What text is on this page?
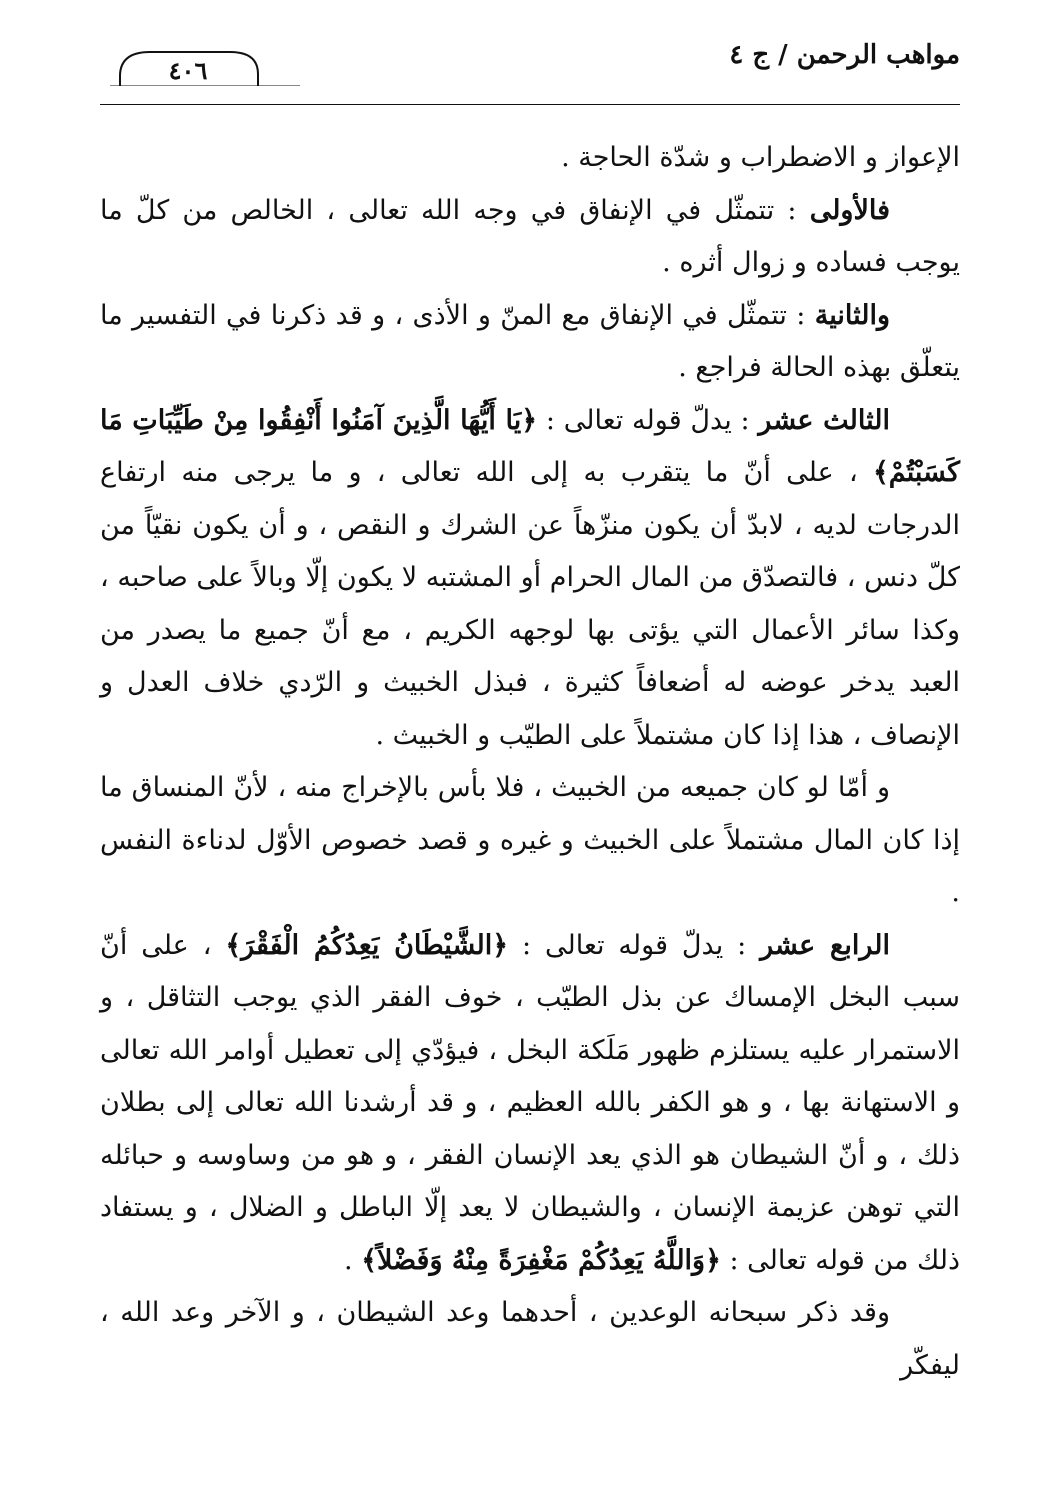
مواهب الرحمن / ج ٤
٤٠٦

الإعواز و الاضطراب و شدّة الحاجة .

فالأولى : تتمثّل في الإنفاق في وجه الله تعالى ، الخالص من كلّ ما يوجب فساده و زوال أثره .

والثانية : تتمثّل في الإنفاق مع المنّ و الأذى ، و قد ذكرنا في التفسير ما يتعلّق بهذه الحالة فراجع .

الثالث عشر : يدلّ قوله تعالى : ﴿يَا أَيُّهَا الَّذِينَ آمَنُوا أَنْفِقُوا مِنْ طَيِّبَاتِ مَا كَسَبْتُمْ﴾ ، على أنّ ما يتقرب به إلى الله تعالى ، و ما يرجى منه ارتفاع الدرجات لديه ، لابدّ أن يكون منزّهاً عن الشرك و النقص ، و أن يكون نقيّاً من كلّ دنس ، فالتصدّق من المال الحرام أو المشتبه لا يكون إلّا وبالاً على صاحبه ، وكذا سائر الأعمال التي يؤتى بها لوجهه الكريم ، مع أنّ جميع ما يصدر من العبد يدخر عوضه له أضعافاً كثيرة ، فبذل الخبيث و الرّدي خلاف العدل و الإنصاف ، هذا إذا كان مشتملاً على الطيّب و الخبيث .

و أمّا لو كان جميعه من الخبيث ، فلا بأس بالإخراج منه ، لأنّ المنساق ما إذا كان المال مشتملاً على الخبيث و غيره و قصد خصوص الأوّل لدناءة النفس .

الرابع عشر : يدلّ قوله تعالى : ﴿الشَّيْطَانُ يَعِدُكُمُ الْفَقْرَ﴾ ، على أنّ سبب البخل الإمساك عن بذل الطيّب ، خوف الفقر الذي يوجب التثاقل ، و الاستمرار عليه يستلزم ظهور مَلَكة البخل ، فيؤدّي إلى تعطيل أوامر الله تعالى و الاستهانة بها ، و هو الكفر بالله العظيم ، و قد أرشدنا الله تعالى إلى بطلان ذلك ، و أنّ الشيطان هو الذي يعد الإنسان الفقر ، و هو من وساوسه و حبائله التي توهن عزيمة الإنسان ، والشيطان لا يعد إلّا الباطل و الضلال ، و يستفاد ذلك من قوله تعالى : ﴿وَاللَّهُ يَعِدُكُمْ مَغْفِرَةً مِنْهُ وَفَضْلاً﴾ .

وقد ذكر سبحانه الوعدين ، أحدهما وعد الشيطان ، و الآخر وعد الله ، ليفكّر
